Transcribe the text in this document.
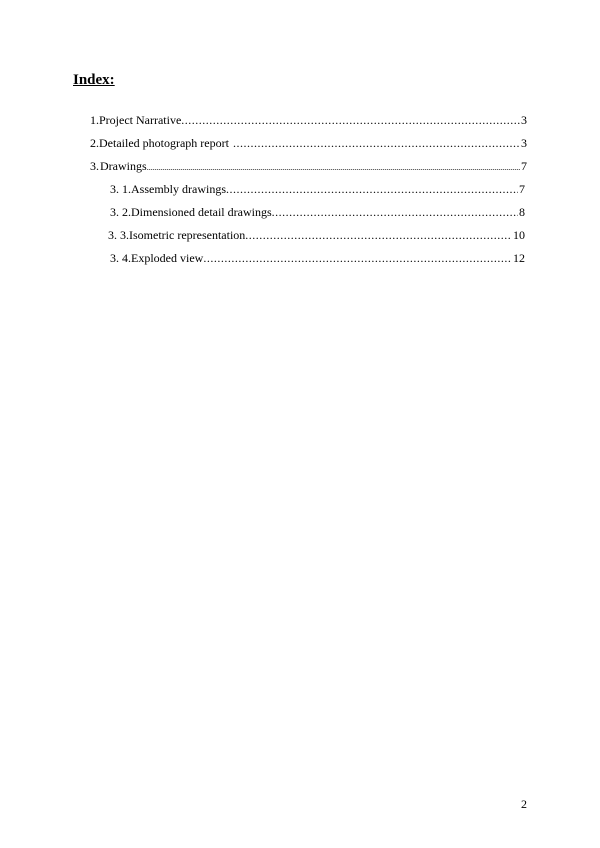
Index:
1. Project Narrative .....	3
2. Detailed photograph report .....	3
3. Drawings .....	7
3. 1. Assembly drawings .....	7
3. 2. Dimensioned detail drawings .....	8
3. 3. Isometric representation .....	10
3. 4. Exploded view .....	12
2
